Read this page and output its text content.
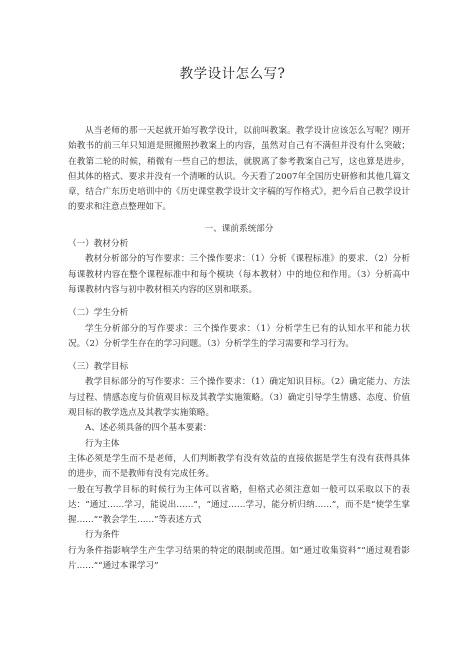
教学设计怎么写?

从当老师的那一天起就开始写教学设计，以前叫教案。教学设计应该怎么写呢？刚开始教书的前三年只知道是照搬照抄教案上的内容，虽然对自己有不满但并没有什么突破；在教第二轮的时候，稍微有一些自己的想法，就脱离了参考教案自己写，这也算是进步，但其体的格式、要求并没有一个清晰的认识。今天看了2007年全国历史研修和其他几篇文章，结合广东历史培训中的《历史课堂教学设计文字稿的写作格式》，把今后自己教学设计的要求和注意点整理如下。

一、课前系统部分

（一）教材分析

教材分析部分的写作要求：三个操作要求：（1）分析《课程标准》的要求．（2）分析每课教材内容在整个课程标准中和每个模块（每本教材）中的地位和作用。（3）分析高中每课教材内容与初中教材相关内容的区别和联系。

（二）学生分析

学生分析部分的写作要求：三个操作要求：（1）分析学生已有的认知水平和能力状况。（2）分析学生存在的学习问题。（3）分析学生的学习需要和学习行为。

（三）教学目标

教学目标部分的写作要求：三个操作要求：（1）确定知识目标。（2）确定能力、方法与过程、情感态度与价值观目标及其教学实施策略。（3）确定引导学生情感、态度、价值观目标的教学选点及其教学实施策略。

A、述必须具备的四个基本要素：

行为主体

主体必须是学生而不是老师，人们判断教学有没有效益的直接依据是学生有没有获得具体的进步，而不是教师有没有完成任务。

一般在写教学目标的时候行为主体可以省略，但格式必须注意如一般可以采取以下的表达：“通过……学习，能说出……”，“通过……学习，能分析归纳……”，而不是“使学生掌握……”“教会学生……”等表述方式

行为条件

行为条件指影响学生产生学习结果的特定的限制或范围。如“通过收集资料”“通过观看影片……”“通过本课学习”
